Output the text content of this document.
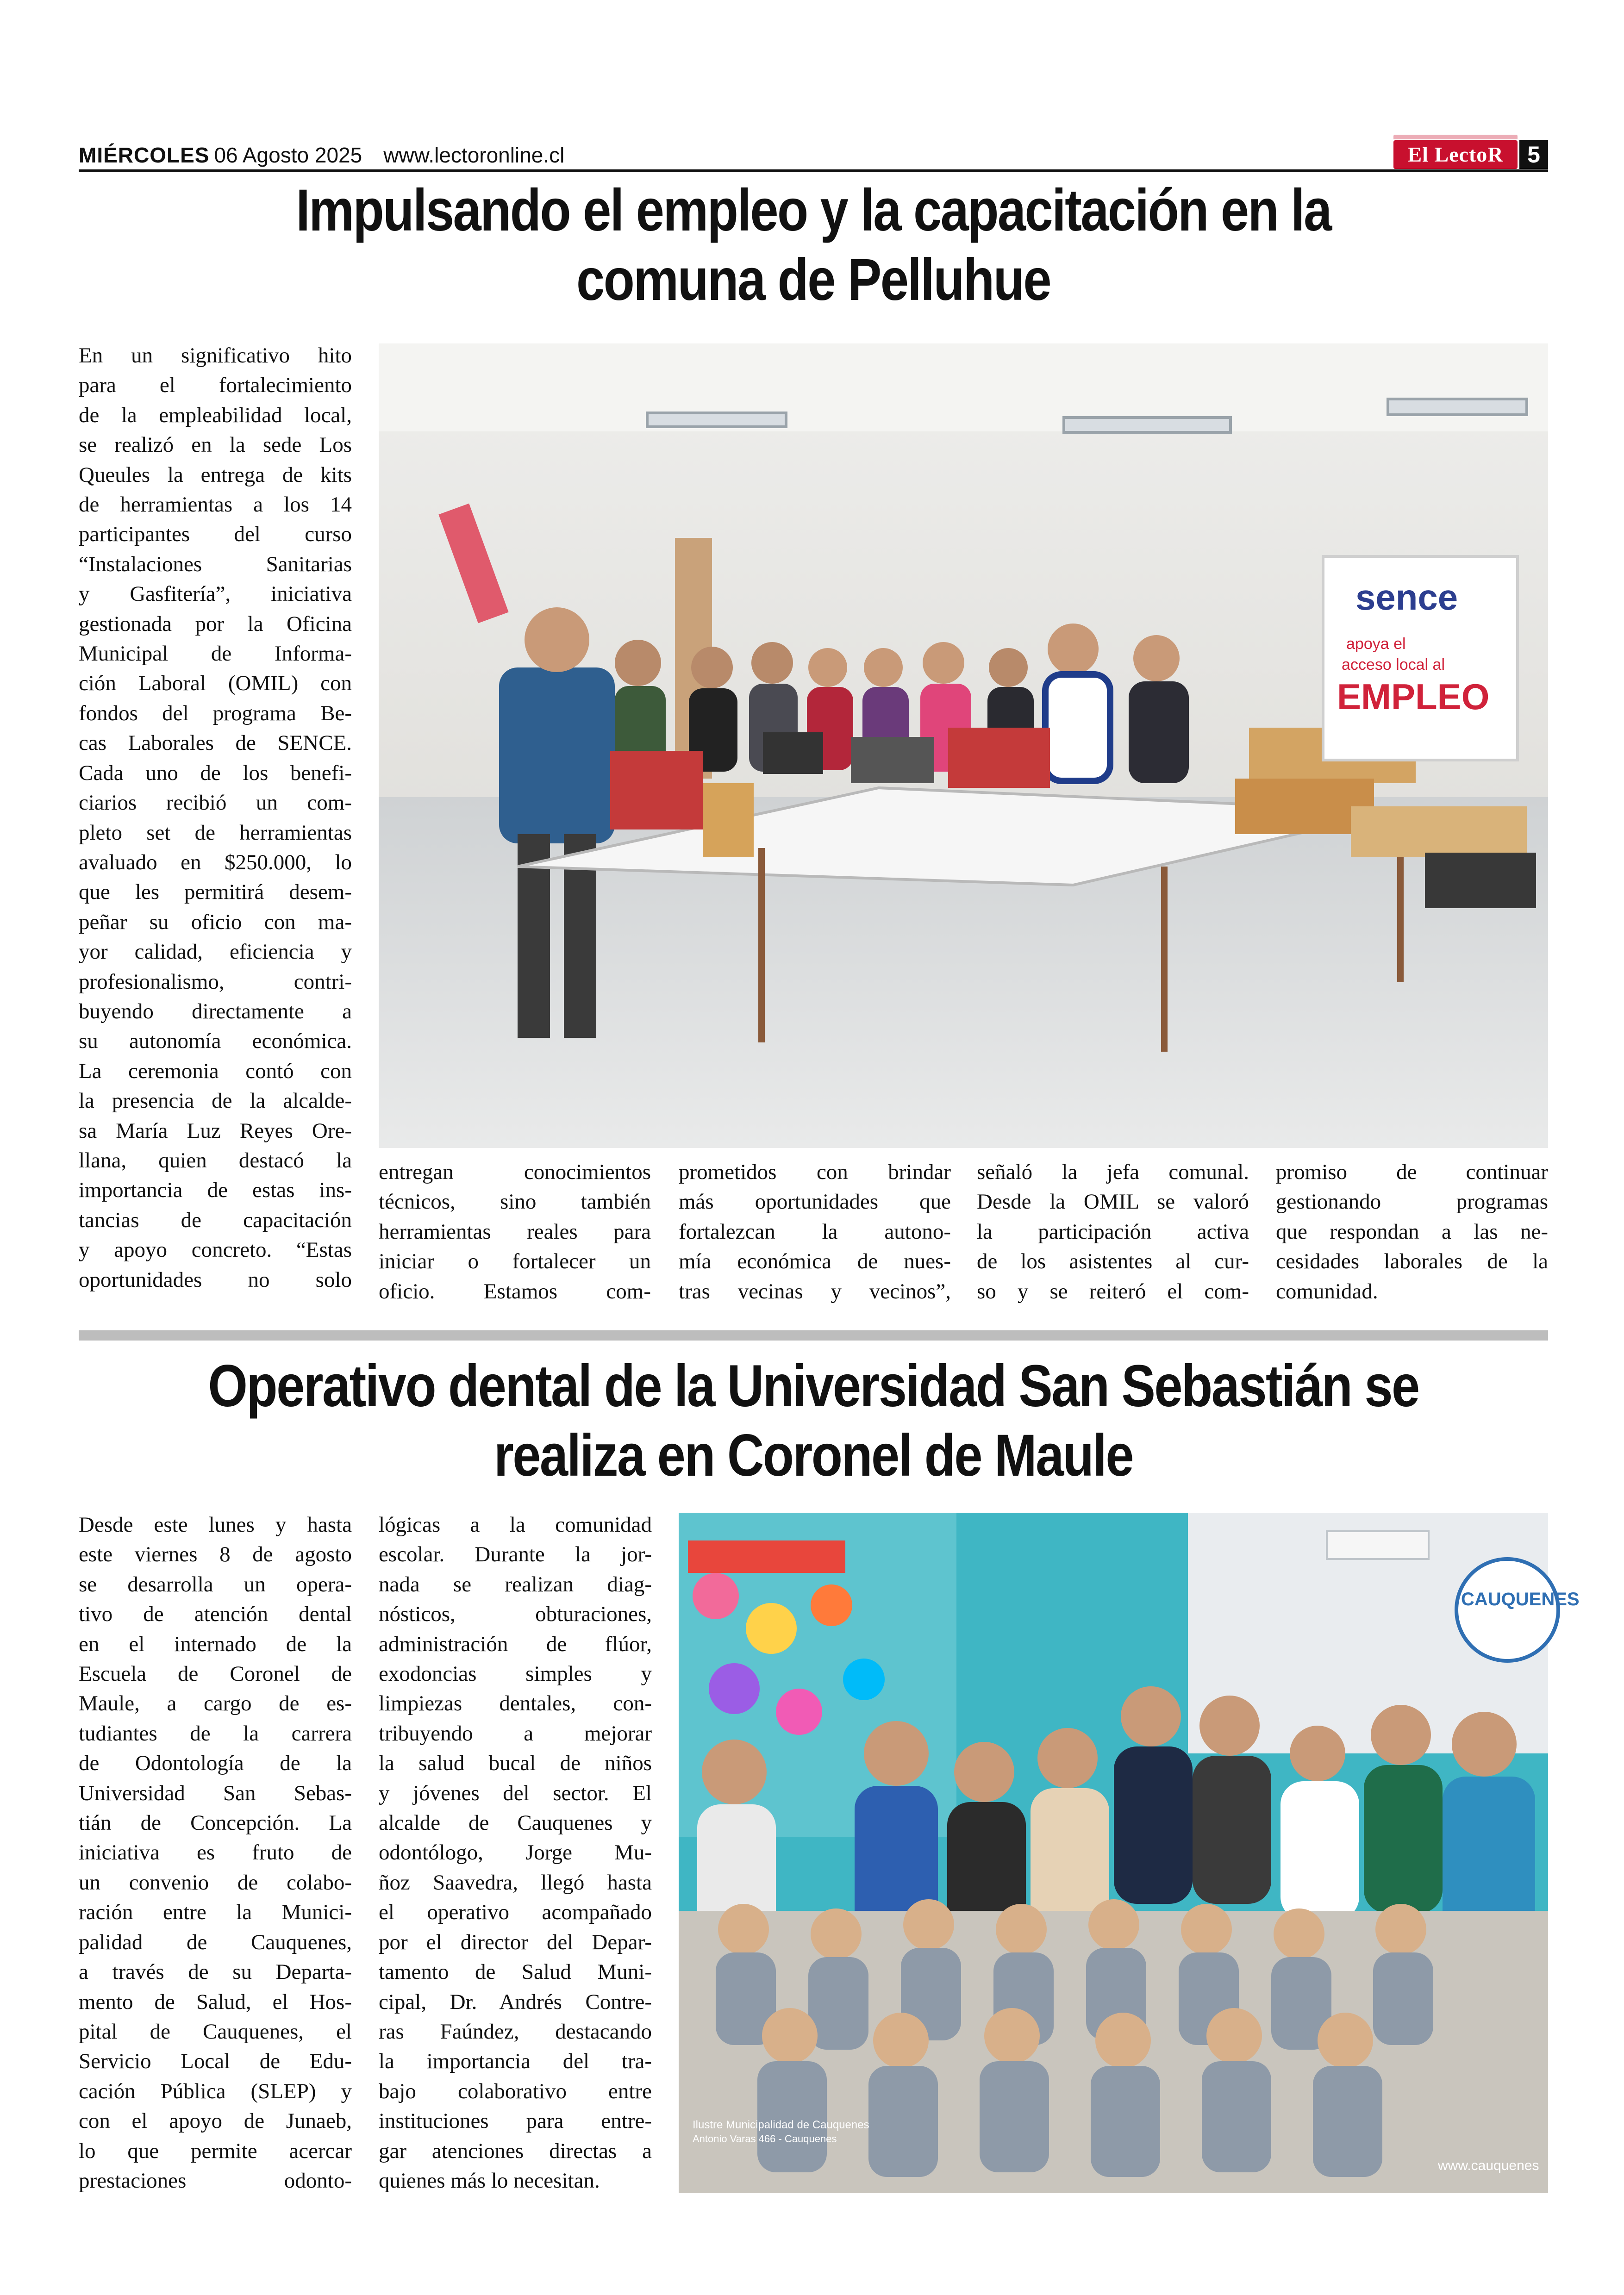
MIÉRCOLES 06 Agosto 2025 www.lectoronline.cl	El LectoR	5
Impulsando el empleo y la capacitación en la
comuna de Pelluhue
En un significativo hito
para el fortalecimiento
de la empleabilidad local,
se realizó en la sede Los
Queules la entrega de kits
de herramientas a los 14
participantes del curso
“Instalaciones Sanitarias
y Gasfitería”, iniciativa
gestionada por la Oficina
Municipal de Informa-
ción Laboral (OMIL) con
fondos del programa Be-
cas Laborales de SENCE.
Cada uno de los benefi-
ciarios recibió un com-
pleto set de herramientas
avaluado en $250.000, lo
que les permitirá desem-
peñar su oficio con ma-
yor calidad, eficiencia y
profesionalismo, contri-
buyendo directamente a
su autonomía económica.
La ceremonia contó con
la presencia de la alcalde-
sa María Luz Reyes Ore-
llana, quien destacó la
importancia de estas ins-
tancias de capacitación
y apoyo concreto. “Estas
oportunidades no solo
sence
apoya el
acceso local al
EMPLEO
entregan conocimientos
técnicos, sino también
herramientas reales para
iniciar o fortalecer un
oficio. Estamos com-
prometidos con brindar
más oportunidades que
fortalezcan la autono-
mía económica de nues-
tras vecinas y vecinos”,
señaló la jefa comunal.
Desde la OMIL se valoró
la participación activa
de los asistentes al cur-
so y se reiteró el com-
promiso de continuar
gestionando programas
que respondan a las ne-
cesidades laborales de la
comunidad.
Operativo dental de la Universidad San Sebastián se
realiza en Coronel de Maule
Desde este lunes y hasta
este viernes 8 de agosto
se desarrolla un opera-
tivo de atención dental
en el internado de la
Escuela de Coronel de
Maule, a cargo de es-
tudiantes de la carrera
de Odontología de la
Universidad San Sebas-
tián de Concepción. La
iniciativa es fruto de
un convenio de colabo-
ración entre la Munici-
palidad de Cauquenes,
a través de su Departa-
mento de Salud, el Hos-
pital de Cauquenes, el
Servicio Local de Edu-
cación Pública (SLEP) y
con el apoyo de Junaeb,
lo que permite acercar
prestaciones odonto-
lógicas a la comunidad
escolar. Durante la jor-
nada se realizan diag-
nósticos, obturaciones,
administración de flúor,
exodoncias simples y
limpiezas dentales, con-
tribuyendo a mejorar
la salud bucal de niños
y jóvenes del sector. El
alcalde de Cauquenes y
odontólogo, Jorge Mu-
ñoz Saavedra, llegó hasta
el operativo acompañado
por el director del Depar-
tamento de Salud Muni-
cipal, Dr. Andrés Contre-
ras Faúndez, destacando
la importancia del tra-
bajo colaborativo entre
instituciones para entre-
gar atenciones directas a
quienes más lo necesitan.
CAUQUENES
Ilustre Municipalidad de Cauquenes
Antonio Varas 466 - Cauquenes
www.cauquenes
